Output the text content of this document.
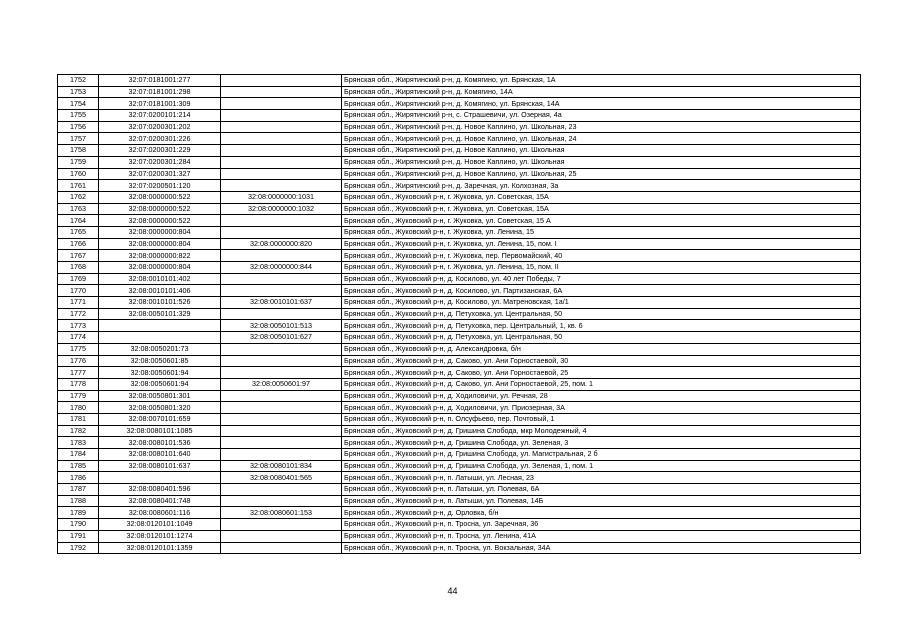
1752	32:07:0181001:277		Брянская обл., Жирятинский р-н, д. Комягино, ул. Брянская, 1А
1753	32:07:0181001:298		Брянская обл., Жирятинский р-н, д. Комягино, 14А
1754	32:07:0181001:309		Брянская обл., Жирятинский р-н, д. Комягино, ул. Брянская, 14А
1755	32:07:0200101:214		Брянская обл., Жирятинский р-н, с. Страшевичи, ул. Озерная, 4а
1756	32:07:0200301:202		Брянская обл., Жирятинский р-н, д. Новое Каплино, ул. Школьная, 23
1757	32:07:0200301:226		Брянская обл., Жирятинский р-н, д. Новое Каплино, ул. Школьная, 24
1758	32:07:0200301:229		Брянская обл., Жирятинский р-н, д. Новое Каплино, ул. Школьная
1759	32:07:0200301:284		Брянская обл., Жирятинский р-н, д. Новое Каплино, ул. Школьная
1760	32:07:0200301:327		Брянская обл., Жирятинский р-н, д. Новое Каплино, ул. Школьная, 25
1761	32:07:0200501:120		Брянская обл., Жирятинский р-н, д. Заречная, ул. Колхозная, 3а
1762	32:08:0000000:522	32:08:0000000:1031	Брянская обл., Жуковский р-н, г. Жуковка, ул. Советская, 15А
1763	32:08:0000000:522	32:08:0000000:1032	Брянская обл., Жуковский р-н, г. Жуковка, ул. Советская, 15А
1764	32:08:0000000:522		Брянская обл., Жуковский р-н, г. Жуковка, ул. Советская, 15 А
1765	32:08:0000000:804		Брянская обл., Жуковский р-н, г. Жуковка, ул. Ленина, 15
1766	32:08:0000000:804	32:08:0000000:820	Брянская обл., Жуковский р-н, г. Жуковка, ул. Ленина, 15, пом. I
1767	32:08:0000000:822		Брянская обл., Жуковский р-н, г. Жуковка, пер. Первомайский, 40
1768	32:08:0000000:804	32:08:0000000:844	Брянская обл., Жуковский р-н, г. Жуковка, ул. Ленина, 15, пом. II
1769	32:08:0010101:402		Брянская обл., Жуковский р-н, д. Косилово, ул. 40 лет Победы, 7
1770	32:08:0010101:406		Брянская обл., Жуковский р-н, д. Косилово, ул. Партизанская, 6А
1771	32:08:0010101:526	32:08:0010101:637	Брянская обл., Жуковский р-н, д. Косилово, ул. Матреновская, 1а/1
1772	32:08:0050101:329		Брянская обл., Жуковский р-н, д. Петуховка, ул. Центральная, 50
1773		32:08:0050101:513	Брянская обл., Жуковский р-н, д. Петуховка, пер. Центральный, 1, кв. 6
1774		32:08:0050101:627	Брянская обл., Жуковский р-н, д. Петуховка, ул. Центральная, 50
1775	32:08:0050201:73		Брянская обл., Жуковский р-н, д. Александровка, б/н
1776	32:08:0050601:85		Брянская обл., Жуковский р-н, д. Саково, ул. Ани Горностаевой, 30
1777	32:08:0050601:94		Брянская обл., Жуковский р-н, д. Саково, ул. Ани Горностаевой, 25
1778	32:08:0050601:94	32:08:0050601:97	Брянская обл., Жуковский р-н, д. Саково, ул. Ани Горностаевой, 25, пом. 1
1779	32:08:0050801:301		Брянская обл., Жуковский р-н, д. Ходиловичи, ул. Речная, 28
1780	32:08:0050801:320		Брянская обл., Жуковский р-н, д. Ходиловичи, ул. Приозерная, 3А
1781	32:08:0070101:659		Брянская обл., Жуковский р-н, п. Олсуфьево, пер. Почтовый, 1
1782	32:08:0080101:1085		Брянская обл., Жуковский р-н, д. Гришина Слобода, мкр Молодежный, 4
1783	32:08:0080101:536		Брянская обл., Жуковский р-н, д. Гришина Слобода, ул. Зеленая, 3
1784	32:08:0080101:640		Брянская обл., Жуковский р-н, д. Гришина Слобода, ул. Магистральная, 2 б
1785	32:08:0080101:637	32:08:0080101:834	Брянская обл., Жуковский р-н, д. Гришина Слобода, ул. Зеленая, 1, пом. 1
1786		32:08:0080401:565	Брянская обл., Жуковский р-н, п. Латыши, ул. Лесная, 23
1787	32:08:0080401:596		Брянская обл., Жуковский р-н, п. Латыши, ул. Полевая, 6А
1788	32:08:0080401:748		Брянская обл., Жуковский р-н, п. Латыши, ул. Полевая, 14Б
1789	32:08:0080601:116	32:08:0080601:153	Брянская обл., Жуковский р-н, д. Орловка, б/н
1790	32:08:0120101:1049		Брянская обл., Жуковский р-н, п. Тросна, ул. Заречная, 36
1791	32:08:0120101:1274		Брянская обл., Жуковский р-н, п. Тросна, ул. Ленина, 41А
1792	32:08:0120101:1359		Брянская обл., Жуковский р-н, п. Тросна, ул. Вокзальная, 34А
44
